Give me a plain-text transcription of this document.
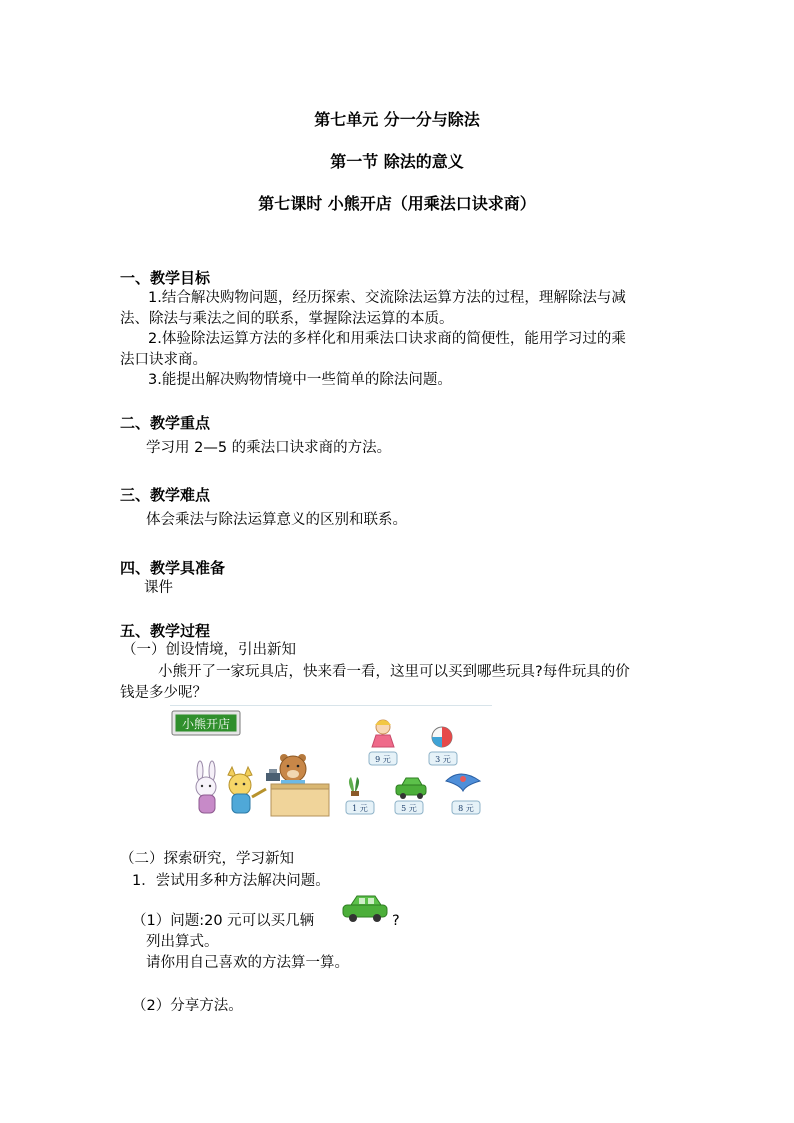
第七单元 分一分与除法
第一节 除法的意义
第七课时 小熊开店（用乘法口诀求商）
一、教学目标
1.结合解决购物问题，经历探索、交流除法运算方法的过程，理解除法与减
法、除法与乘法之间的联系，掌握除法运算的本质。
2.体验除法运算方法的多样化和用乘法口诀求商的简便性，能用学习过的乘
法口诀求商。
3.能提出解决购物情境中一些简单的除法问题。
二、教学重点
学习用 2—5 的乘法口诀求商的方法。
三、教学难点
体会乘法与除法运算意义的区别和联系。
四、教学具准备
课件
五、教学过程
（一）创设情境，引出新知
小熊开了一家玩具店，快来看一看，这里可以买到哪些玩具?每件玩具的价
钱是多少呢？
小熊开店
9 元	3 元
1 元	5 元	8 元
（二）探索研究，学习新知
1．尝试用多种方法解决问题。
（1）问题:20 元可以买几辆	?
列出算式。
请你用自己喜欢的方法算一算。
（2）分享方法。
